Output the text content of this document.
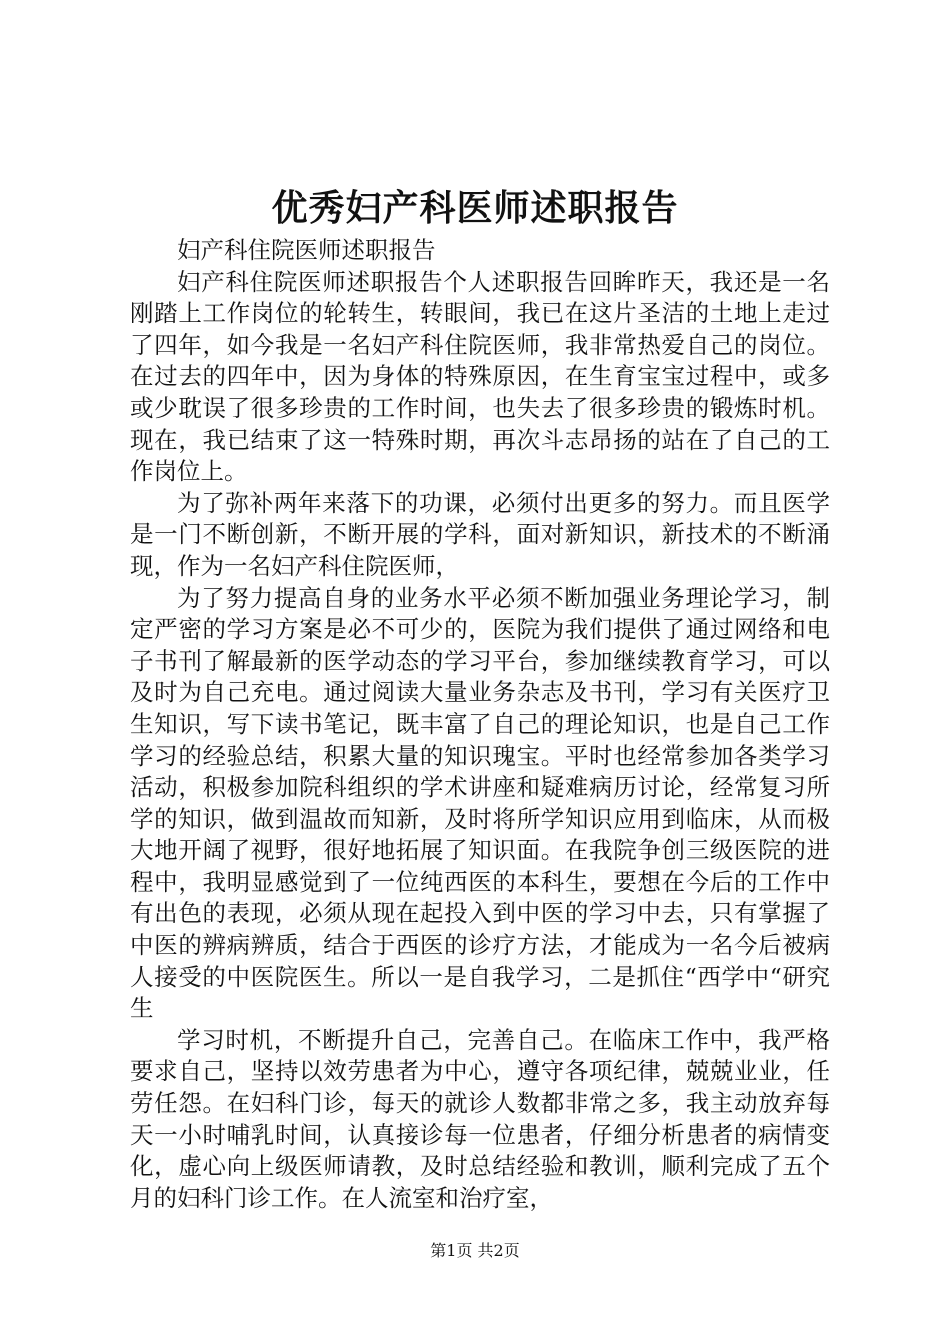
优秀妇产科医师述职报告

妇产科住院医师述职报告

妇产科住院医师述职报告个人述职报告回眸昨天，我还是一名刚踏上工作岗位的轮转生，转眼间，我已在这片圣洁的土地上走过了四年，如今我是一名妇产科住院医师，我非常热爱自己的岗位。在过去的四年中，因为身体的特殊原因，在生育宝宝过程中，或多或少耽误了很多珍贵的工作时间，也失去了很多珍贵的锻炼时机。现在，我已结束了这一特殊时期，再次斗志昂扬的站在了自己的工作岗位上。

为了弥补两年来落下的功课，必须付出更多的努力。而且医学是一门不断创新，不断开展的学科，面对新知识，新技术的不断涌现，作为一名妇产科住院医师，

为了努力提高自身的业务水平必须不断加强业务理论学习，制定严密的学习方案是必不可少的，医院为我们提供了通过网络和电子书刊了解最新的医学动态的学习平台，参加继续教育学习，可以及时为自己充电。通过阅读大量业务杂志及书刊，学习有关医疗卫生知识，写下读书笔记，既丰富了自己的理论知识，也是自己工作学习的经验总结，积累大量的知识瑰宝。平时也经常参加各类学习活动，积极参加院科组织的学术讲座和疑难病历讨论，经常复习所学的知识，做到温故而知新，及时将所学知识应用到临床，从而极大地开阔了视野，很好地拓展了知识面。在我院争创三级医院的进程中，我明显感觉到了一位纯西医的本科生，要想在今后的工作中有出色的表现，必须从现在起投入到中医的学习中去，只有掌握了中医的辨病辨质，结合于西医的诊疗方法，才能成为一名今后被病人接受的中医院医生。所以一是自我学习，二是抓住“西学中“研究生

学习时机，不断提升自己，完善自己。在临床工作中，我严格要求自己，坚持以效劳患者为中心，遵守各项纪律，兢兢业业，任劳任怨。在妇科门诊，每天的就诊人数都非常之多，我主动放弃每天一小时哺乳时间，认真接诊每一位患者，仔细分析患者的病情变化，虚心向上级医师请教，及时总结经验和教训，顺利完成了五个月的妇科门诊工作。在人流室和治疗室，

第1页 共2页
